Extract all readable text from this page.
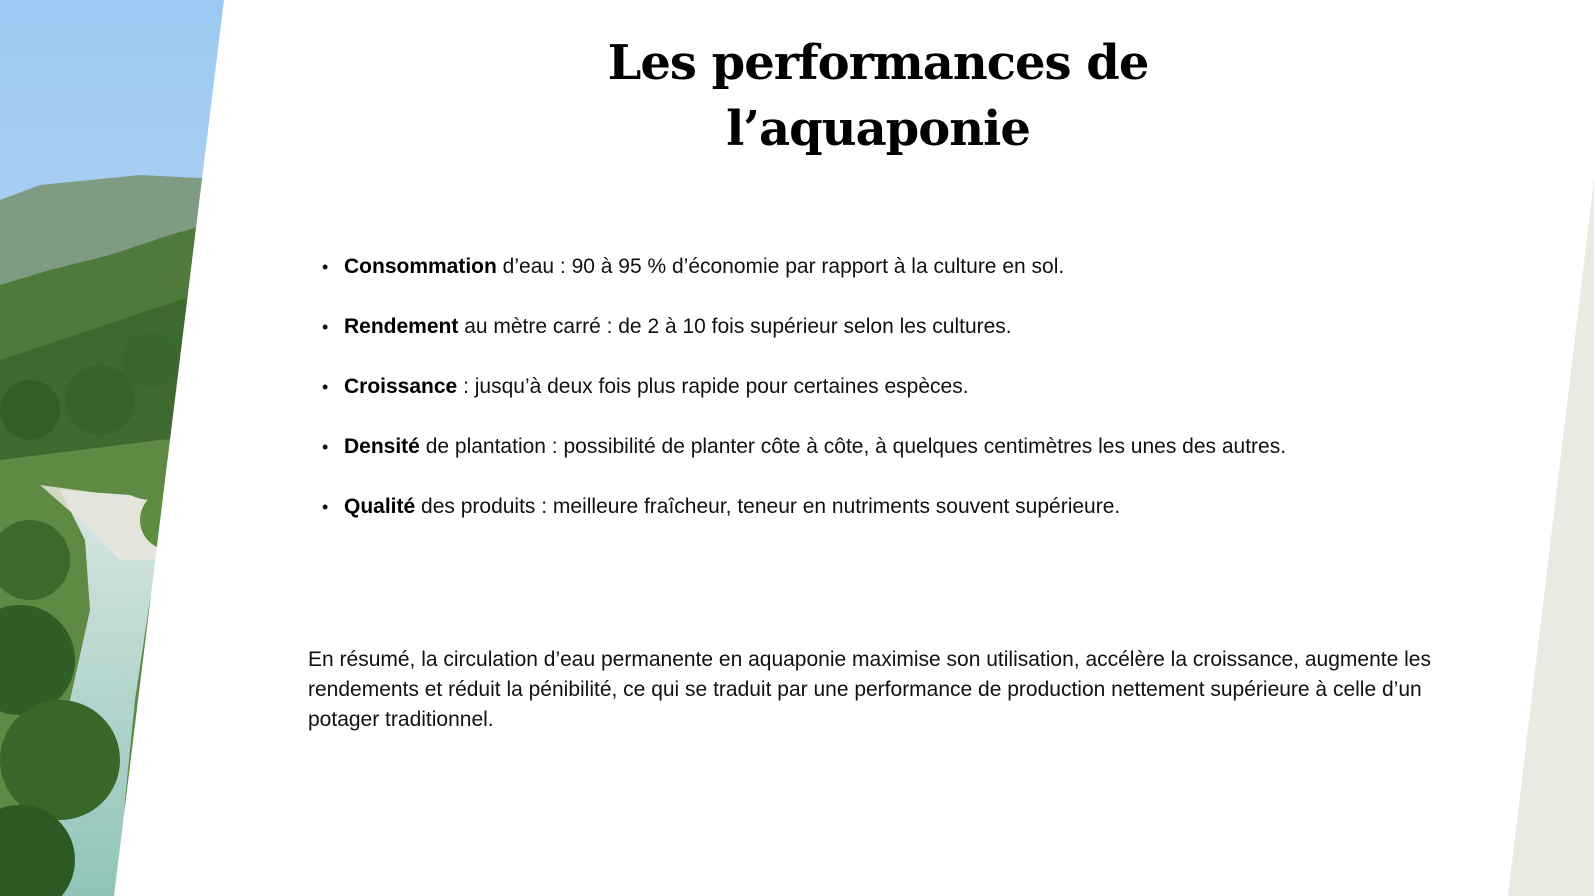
Les performances de
l’aquaponie
• Consommation d’eau : 90 à 95 % d’économie par rapport à la culture en sol.
• Rendement au mètre carré : de 2 à 10 fois supérieur selon les cultures.
• Croissance : jusqu’à deux fois plus rapide pour certaines espèces.
• Densité de plantation : possibilité de planter côte à côte, à quelques centimètres les unes des autres.
• Qualité des produits : meilleure fraîcheur, teneur en nutriments souvent supérieure.

En résumé, la circulation d’eau permanente en aquaponie maximise son utilisation, accélère la croissance, augmente les rendements et réduit la pénibilité, ce qui se traduit par une performance de production nettement supérieure à celle d’un potager traditionnel.
